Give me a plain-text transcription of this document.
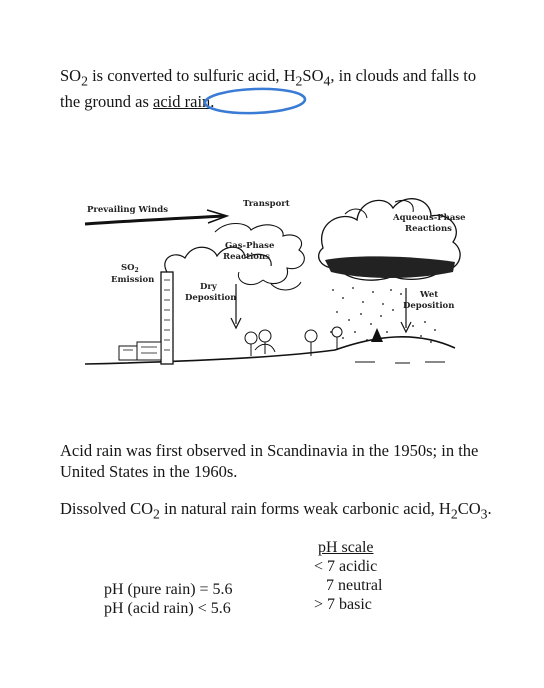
$SO_2$ is converted to sulfuric acid, $H_2SO_4$, in clouds and falls to the ground as acid rain.

Prevailing Winds
Transport
$SO_2$
Emission
Gas-Phase
Reactions
Dry
Deposition
Aqueous-Phase
Reactions
Wet
Deposition

Acid rain was first observed in Scandinavia in the 1950s; in the United States in the 1960s.

Dissolved $CO_2$ in natural rain forms weak carbonic acid, $H_2CO_3$.

pH scale
< 7 acidic
7 neutral
> 7 basic
pH (pure rain) = 5.6
pH (acid rain) < 5.6
